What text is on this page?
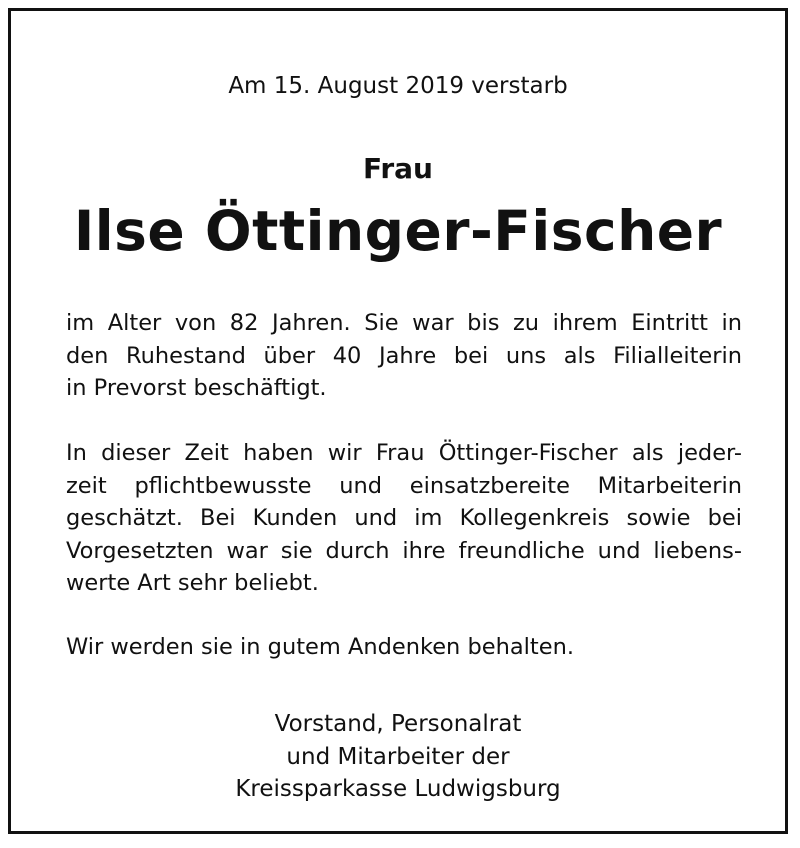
Am 15. August 2019 verstarb
Frau
Ilse Öttinger-Fischer
im Alter von 82 Jahren. Sie war bis zu ihrem Eintritt in
den Ruhestand über 40 Jahre bei uns als Filialleiterin
in Prevorst beschäftigt.
In dieser Zeit haben wir Frau Öttinger-Fischer als jeder-
zeit pflichtbewusste und einsatzbereite Mitarbeiterin
geschätzt. Bei Kunden und im Kollegenkreis sowie bei
Vorgesetzten war sie durch ihre freundliche und liebens-
werte Art sehr beliebt.
Wir werden sie in gutem Andenken behalten.
Vorstand, Personalrat
und Mitarbeiter der
Kreissparkasse Ludwigsburg
